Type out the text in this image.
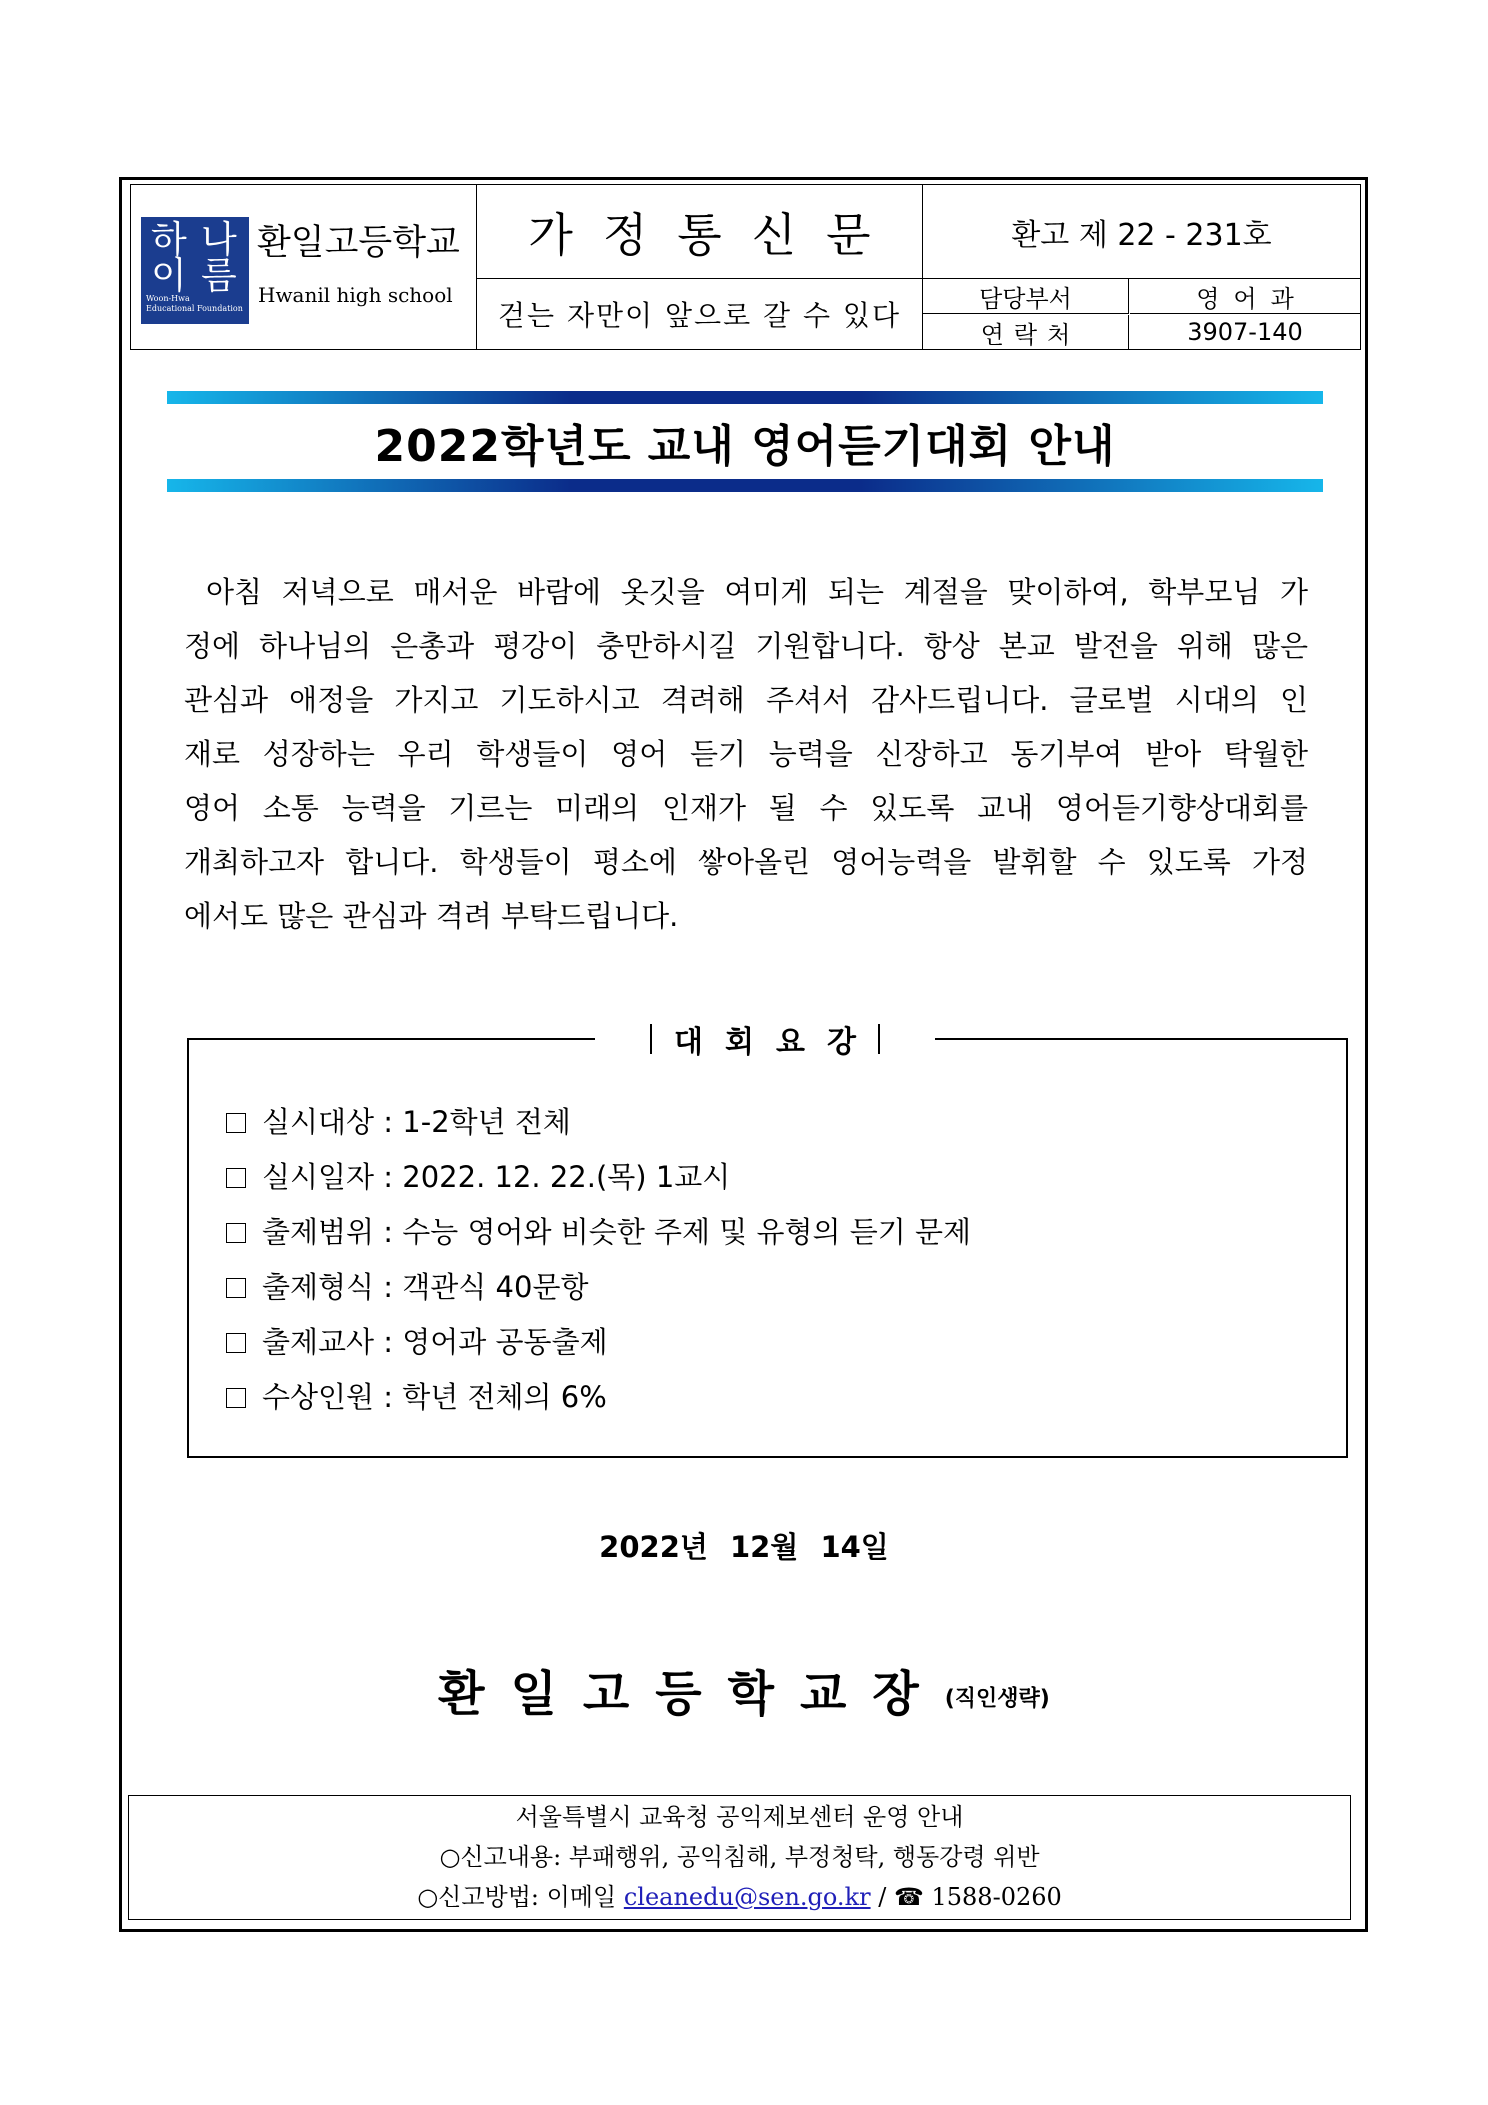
하 나
이 름
Woon-Hwa
Educational Foundation
환일고등학교
Hwanil high school
가정통신문
걷는 자만이 앞으로 갈 수 있다
환고 제 22 - 231호
담당부서	영어과
연락처	3907-140
2022학년도 교내 영어듣기대회 안내
아침 저녁으로 매서운 바람에 옷깃을 여미게 되는 계절을 맞이하여, 학부모님 가
정에 하나님의 은총과 평강이 충만하시길 기원합니다. 항상 본교 발전을 위해 많은
관심과 애정을 가지고 기도하시고 격려해 주셔서 감사드립니다. 글로벌 시대의 인
재로 성장하는 우리 학생들이 영어 듣기 능력을 신장하고 동기부여 받아 탁월한
영어 소통 능력을 기르는 미래의 인재가 될 수 있도록 교내 영어듣기향상대회를
개최하고자 합니다. 학생들이 평소에 쌓아올린 영어능력을 발휘할 수 있도록 가정
에서도 많은 관심과 격려 부탁드립니다.
대회요강
실시대상 : 1-2학년 전체
실시일자 : 2022. 12. 22.(목) 1교시
출제범위 : 수능 영어와 비슷한 주제 및 유형의 듣기 문제
출제형식 : 객관식 40문항
출제교사 : 영어과 공동출제
수상인원 : 학년 전체의 6%
2022년 12월 14일
환일고등학교장(직인생략)
서울특별시 교육청 공익제보센터 운영 안내
○신고내용: 부패행위, 공익침해, 부정청탁, 행동강령 위반
○신고방법: 이메일 cleanedu@sen.go.kr / ☎ 1588-0260
